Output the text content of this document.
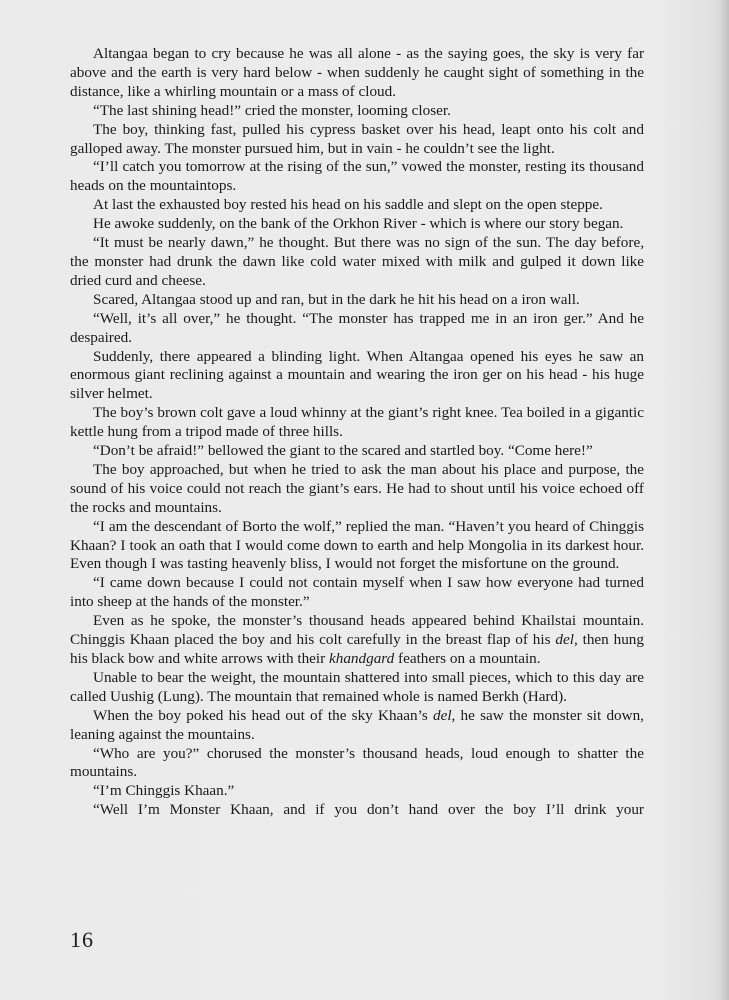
Altangaa began to cry because he was all alone - as the saying goes, the sky is very far above and the earth is very hard below - when suddenly he caught sight of something in the distance, like a whirling mountain or a mass of cloud.

“The last shining head!” cried the monster, looming closer.

The boy, thinking fast, pulled his cypress basket over his head, leapt onto his colt and galloped away. The monster pursued him, but in vain - he couldn’t see the light.

“I’ll catch you tomorrow at the rising of the sun,” vowed the monster, resting its thousand heads on the mountaintops.

At last the exhausted boy rested his head on his saddle and slept on the open steppe.

He awoke suddenly, on the bank of the Orkhon River - which is where our story began.

“It must be nearly dawn,” he thought. But there was no sign of the sun. The day before, the monster had drunk the dawn like cold water mixed with milk and gulped it down like dried curd and cheese.

Scared, Altangaa stood up and ran, but in the dark he hit his head on a iron wall.

“Well, it’s all over,” he thought. “The monster has trapped me in an iron ger.” And he despaired.

Suddenly, there appeared a blinding light. When Altangaa opened his eyes he saw an enormous giant reclining against a mountain and wearing the iron ger on his head - his huge silver helmet.

The boy’s brown colt gave a loud whinny at the giant’s right knee. Tea boiled in a gigantic kettle hung from a tripod made of three hills.

“Don’t be afraid!” bellowed the giant to the scared and startled boy. “Come here!”

The boy approached, but when he tried to ask the man about his place and purpose, the sound of his voice could not reach the giant’s ears. He had to shout until his voice echoed off the rocks and mountains.

“I am the descendant of Borto the wolf,” replied the man. “Haven’t you heard of Chinggis Khaan? I took an oath that I would come down to earth and help Mongolia in its darkest hour. Even though I was tasting heavenly bliss, I would not forget the misfortune on the ground.

“I came down because I could not contain myself when I saw how everyone had turned into sheep at the hands of the monster.”

Even as he spoke, the monster’s thousand heads appeared behind Khailstai mountain. Chinggis Khaan placed the boy and his colt carefully in the breast flap of his del, then hung his black bow and white arrows with their khandgard feathers on a mountain.

Unable to bear the weight, the mountain shattered into small pieces, which to this day are called Uushig (Lung). The mountain that remained whole is named Berkh (Hard).

When the boy poked his head out of the sky Khaan’s del, he saw the monster sit down, leaning against the mountains.

“Who are you?” chorused the monster’s thousand heads, loud enough to shatter the mountains.

“I’m Chinggis Khaan.”

“Well I’m Monster Khaan, and if you don’t hand over the boy I’ll drink your

16
